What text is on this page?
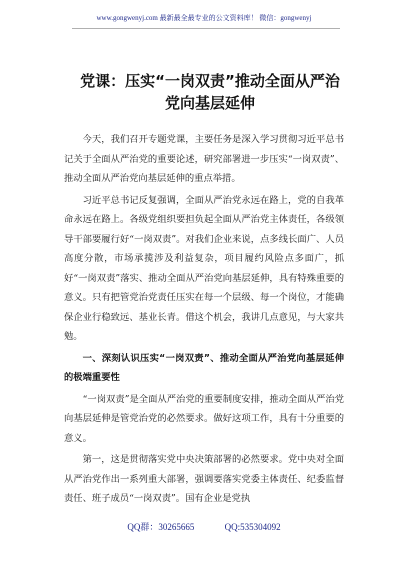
www.gongwenyj.com 最新最全最专业的公文资料库！ 微信：gongwenyj
党课：压实“一岗双责”推动全面从严治
党向基层延伸

今天，我们召开专题党课，主要任务是深入学习贯彻习近平总书记关于全面从严治党的重要论述，研究部署进一步压实“一岗双责”、推动全面从严治党向基层延伸的重点举措。

习近平总书记反复强调，全面从严治党永远在路上，党的自我革命永远在路上。各级党组织要担负起全面从严治党主体责任，各级领导干部要履行好“一岗双责”。对我们企业来说，点多线长面广、人员高度分散，市场承揽涉及利益复杂，项目履约风险点多面广，抓好“一岗双责”落实、推动全面从严治党向基层延伸，具有特殊重要的意义。只有把管党治党责任压实在每一个层级、每一个岗位，才能确保企业行稳致远、基业长青。借这个机会，我讲几点意见，与大家共勉。

一、深刻认识压实“一岗双责”、推动全面从严治党向基层延伸的极端重要性

“一岗双责”是全面从严治党的重要制度安排，推动全面从严治党向基层延伸是管党治党的必然要求。做好这项工作，具有十分重要的意义。

第一，这是贯彻落实党中央决策部署的必然要求。党中央对全面从严治党作出一系列重大部署，强调要落实党委主体责任、纪委监督责任、班子成员“一岗双责”。国有企业是党执

QQ群：30265665	QQ:535304092
